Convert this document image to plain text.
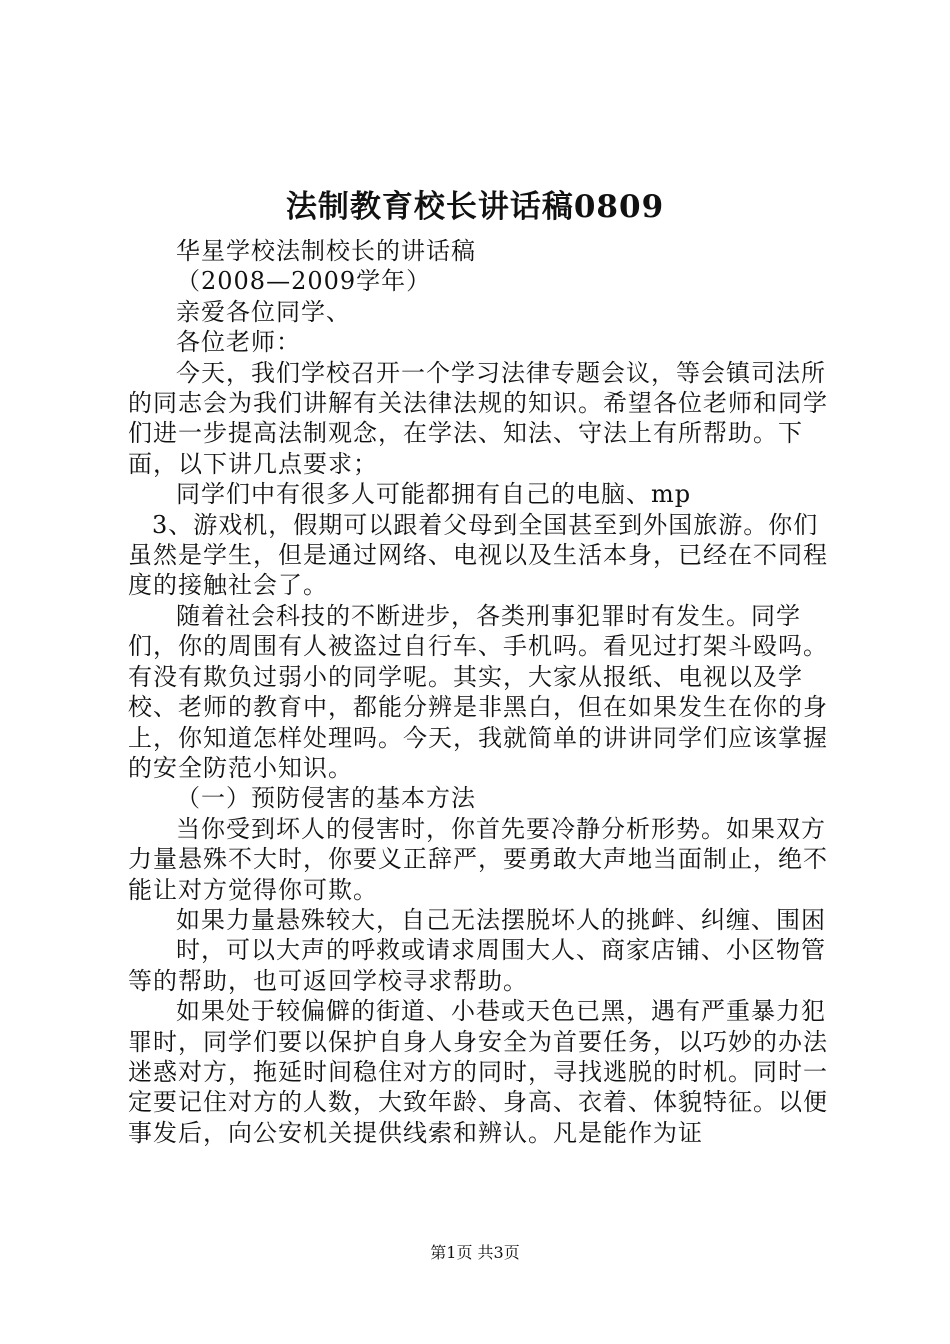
法制教育校长讲话稿0809

华星学校法制校长的讲话稿

（2008—2009学年）

亲爱各位同学、

各位老师：

今天，我们学校召开一个学习法律专题会议，等会镇司法所的同志会为我们讲解有关法律法规的知识。希望各位老师和同学们进一步提高法制观念，在学法、知法、守法上有所帮助。下面，以下讲几点要求；

同学们中有很多人可能都拥有自己的电脑、mp

3、游戏机，假期可以跟着父母到全国甚至到外国旅游。你们虽然是学生，但是通过网络、电视以及生活本身，已经在不同程度的接触社会了。

随着社会科技的不断进步，各类刑事犯罪时有发生。同学们，你的周围有人被盗过自行车、手机吗。看见过打架斗殴吗。有没有欺负过弱小的同学呢。其实，大家从报纸、电视以及学校、老师的教育中，都能分辨是非黑白，但在如果发生在你的身上，你知道怎样处理吗。今天，我就简单的讲讲同学们应该掌握的安全防范小知识。

（一）预防侵害的基本方法

当你受到坏人的侵害时，你首先要冷静分析形势。如果双方力量悬殊不大时，你要义正辞严，要勇敢大声地当面制止，绝不能让对方觉得你可欺。

如果力量悬殊较大，自己无法摆脱坏人的挑衅、纠缠、围困

时，可以大声的呼救或请求周围大人、商家店铺、小区物管等的帮助，也可返回学校寻求帮助。

如果处于较偏僻的街道、小巷或天色已黑，遇有严重暴力犯罪时，同学们要以保护自身人身安全为首要任务，以巧妙的办法迷惑对方，拖延时间稳住对方的同时，寻找逃脱的时机。同时一定要记住对方的人数，大致年龄、身高、衣着、体貌特征。以便事发后，向公安机关提供线索和辨认。凡是能作为证

第1页 共3页
